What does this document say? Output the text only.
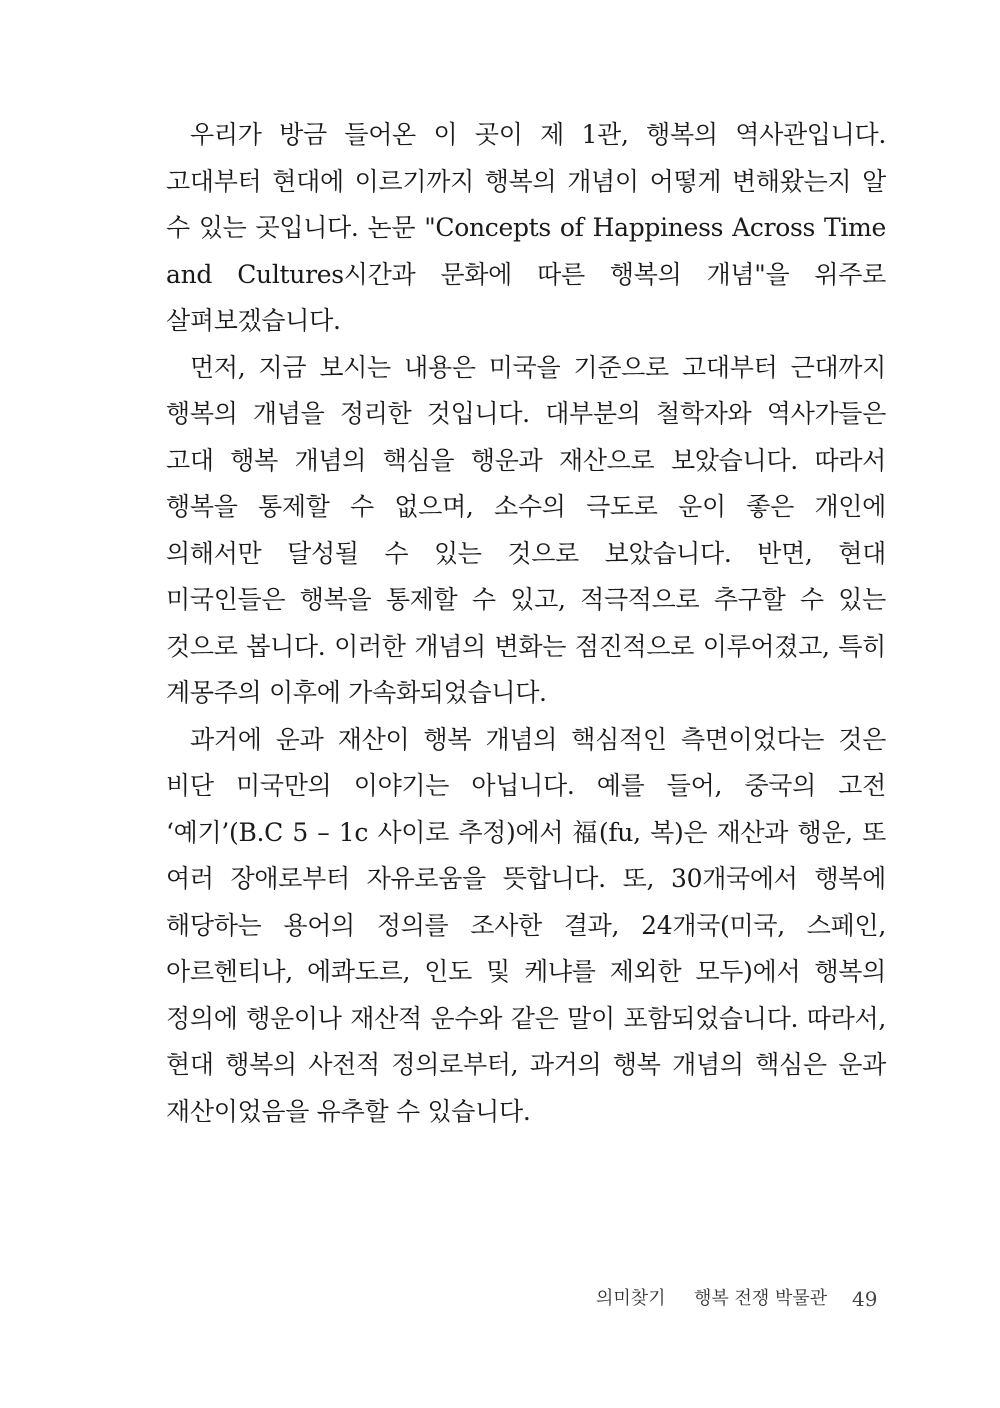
우리가 방금 들어온 이 곳이 제 1관, 행복의 역사관입니다. 고대부터 현대에 이르기까지 행복의 개념이 어떻게 변해왔는지 알 수 있는 곳입니다. 논문 "Concepts of Happiness Across Time and Cultures시간과 문화에 따른 행복의 개념"을 위주로 살펴보겠습니다.

먼저, 지금 보시는 내용은 미국을 기준으로 고대부터 근대까지 행복의 개념을 정리한 것입니다. 대부분의 철학자와 역사가들은 고대 행복 개념의 핵심을 행운과 재산으로 보았습니다. 따라서 행복을 통제할 수 없으며, 소수의 극도로 운이 좋은 개인에 의해서만 달성될 수 있는 것으로 보았습니다. 반면, 현대 미국인들은 행복을 통제할 수 있고, 적극적으로 추구할 수 있는 것으로 봅니다. 이러한 개념의 변화는 점진적으로 이루어졌고, 특히 계몽주의 이후에 가속화되었습니다.

과거에 운과 재산이 행복 개념의 핵심적인 측면이었다는 것은 비단 미국만의 이야기는 아닙니다. 예를 들어, 중국의 고전 ‘예기’(B.C 5 – 1c 사이로 추정)에서 福(fu, 복)은 재산과 행운, 또 여러 장애로부터 자유로움을 뜻합니다. 또, 30개국에서 행복에 해당하는 용어의 정의를 조사한 결과, 24개국(미국, 스페인, 아르헨티나, 에콰도르, 인도 및 케냐를 제외한 모두)에서 행복의 정의에 행운이나 재산적 운수와 같은 말이 포함되었습니다. 따라서, 현대 행복의 사전적 정의로부터, 과거의 행복 개념의 핵심은 운과 재산이었음을 유추할 수 있습니다.

의미찾기 행복 전쟁 박물관 49
